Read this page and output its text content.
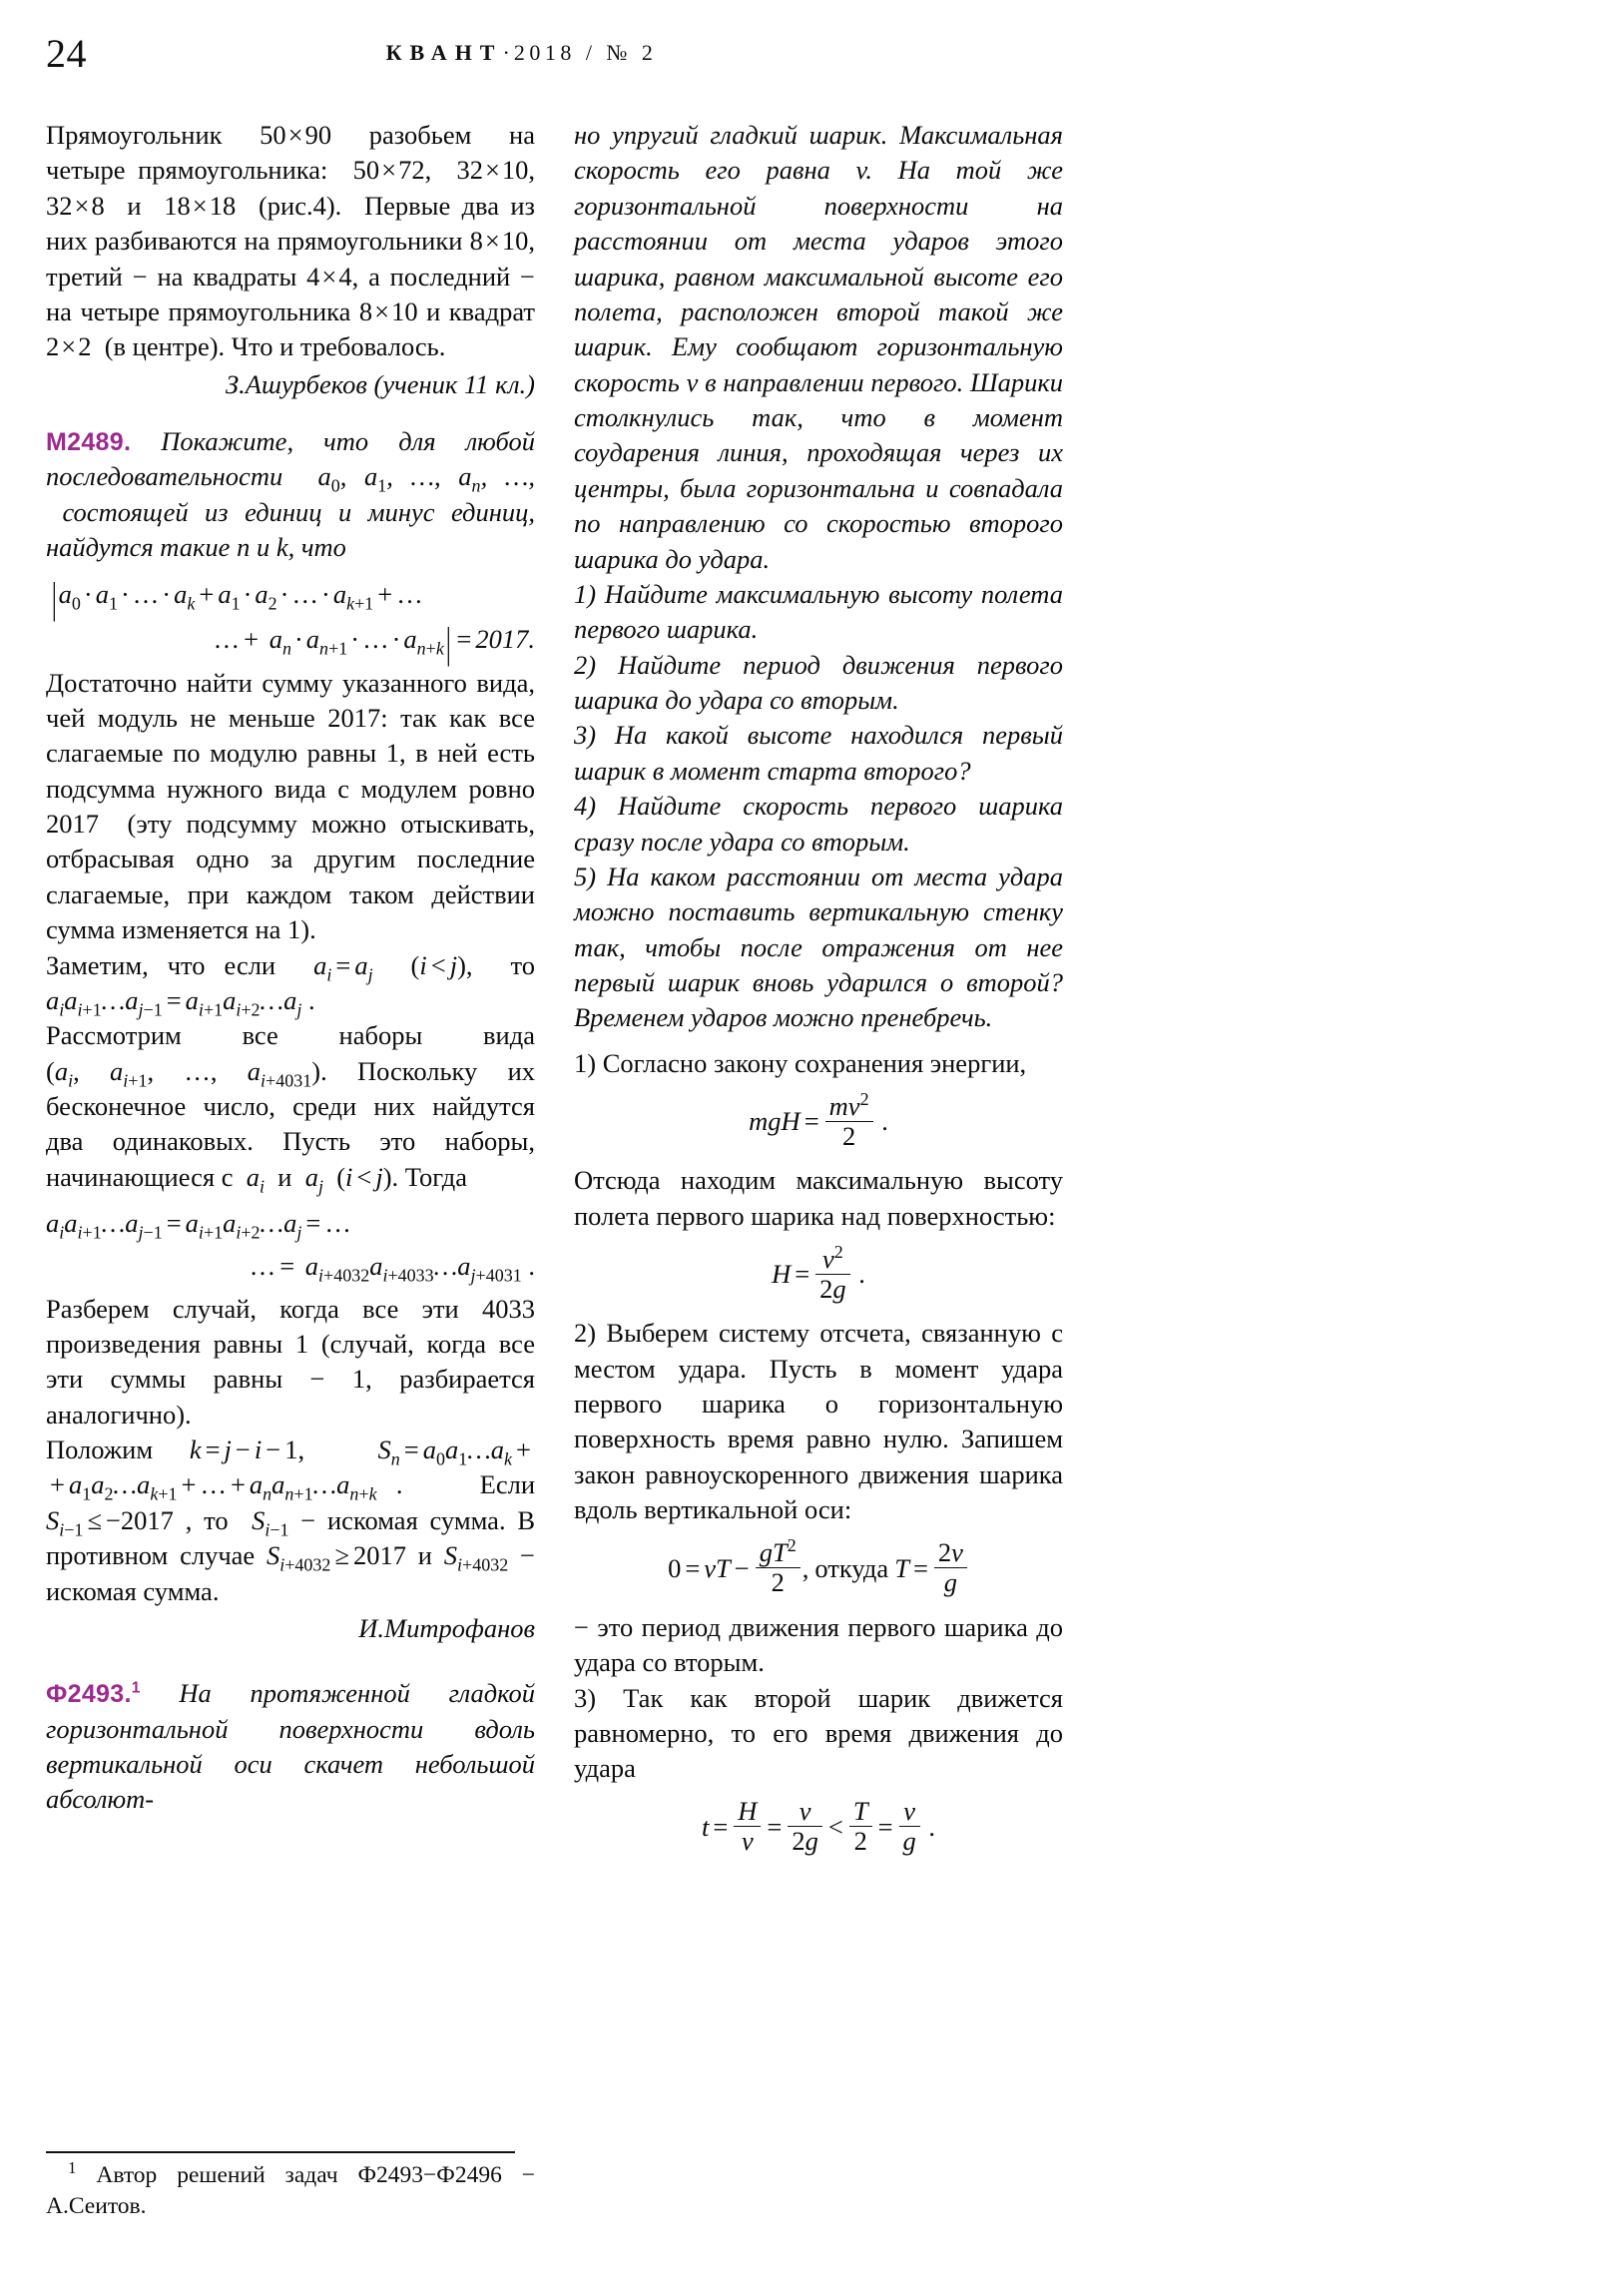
24	КВАНТ·2018 / № 2

Прямоугольник 50×90 разобьем на четыре прямоугольника:  50×72,  32×10, 32×8  и  18×18  (рис.4).  Первые два из них разбиваются на прямоугольники 8×10, третий − на квадраты 4×4, а последний − на четыре прямоугольника 8×10 и квадрат 2×2  (в центре). Что и требовалось.

З.Ашурбеков (ученик 11 кл.)

M2489. Покажите, что для любой последовательности  $a_0$, $a_1$, …, $a_n$, …,  состоящей из единиц и минус единиц, найдутся такие n и k, что

$|a_0 \cdot a_1$ · … · $a_k + a_1 \cdot a_2$ · … · $a_{k+1}$ + …
… + $a_n \cdot a_{n+1}$ · … · $a_{n+k}| = 2017$.

Достаточно найти сумму указанного вида, чей модуль не меньше 2017: так как все слагаемые по модулю равны 1, в ней есть подсумма нужного вида с модулем ровно 2017  (эту подсумму можно отыскивать, отбрасывая одно за другим последние слагаемые, при каждом таком действии сумма изменяется на 1).

Заметим, что если  $a_i = a_j$  (i < j),  то $a_ia_{i+1}\dots a_{j-1}$ = $a_{i+1}a_{i+2}\dots a_j$ .

Рассмотрим    все    наборы    вида ($a_i$, $a_{i+1}$, …, $a_{i+4031}$). Поскольку их бесконечное число, среди них найдутся два одинаковых. Пусть это наборы, начинающиеся с  $a_i$  и  $a_j$  (i < j). Тогда

$a_ia_{i+1}\dots a_{j-1}$ = $a_{i+1}a_{i+2}\dots a_j$ = …
… = $a_{i+4032}a_{i+4033}\dots a_{j+4031}$ .

Разберем случай, когда все эти 4033 произведения равны 1 (случай, когда все эти суммы равны − 1, разбирается аналогично).

Положим k = j − i − 1,  $S_n$ = $a_0a_1\dots a_k$ + + $a_1a_2\dots a_{k+1}$ + … + $a_na_{n+1}\dots a_{n+k}$ .    Если $S_{i-1} \le -2017$ , то  $S_{i-1}$ − искомая сумма. В противном случае $S_{i+4032} \ge 2017$ и $S_{i+4032}$ − искомая сумма.

И.Митрофанов

Ф2493.$^1$ На протяженной гладкой горизонтальной поверхности вдоль вертикальной оси скачет небольшой абсолют-

но упругий гладкий шарик. Максимальная скорость его равна v. На той же горизонтальной поверхности на расстоянии от места ударов этого шарика, равном максимальной высоте его полета, расположен второй такой же шарик. Ему сообщают горизонтальную скорость v в направлении первого. Шарики столкнулись так, что в момент соударения линия, проходящая через их центры, была горизонтальна и совпадала по направлению со скоростью второго шарика до удара.

1) Найдите максимальную высоту полета первого шарика.

2) Найдите период движения первого шарика до удара со вторым.

3) На какой высоте находился первый шарик в момент старта второго?

4) Найдите скорость первого шарика сразу после удара со вторым.

5) На каком расстоянии от места удара можно поставить вертикальную стенку так, чтобы после отражения от нее первый шарик вновь ударился о второй? Временем ударов можно пренебречь.

1) Согласно закону сохранения энергии,

mgH = $\frac{mv^2}{2}$ .

Отсюда находим максимальную высоту полета первого шарика над поверхностью:

$H = \frac{v^2}{2g}$ .

2) Выберем систему отсчета, связанную с местом удара. Пусть в момент удара первого шарика о горизонтальную поверхность время равно нулю. Запишем закон равноускоренного движения шарика вдоль вертикальной оси:

0 = vT − $\frac{gT^2}{2}$ , откуда $T = \frac{2v}{g}$

− это период движения первого шарика до удара со вторым.

3) Так как второй шарик движется равномерно, то его время движения до удара

$t = \frac{H}{v} = \frac{v}{2g} < \frac{T}{2} = \frac{v}{g}$ .
$^1$  Автор  решений  задач  Ф2493−Ф2496  − А.Сеитов.
